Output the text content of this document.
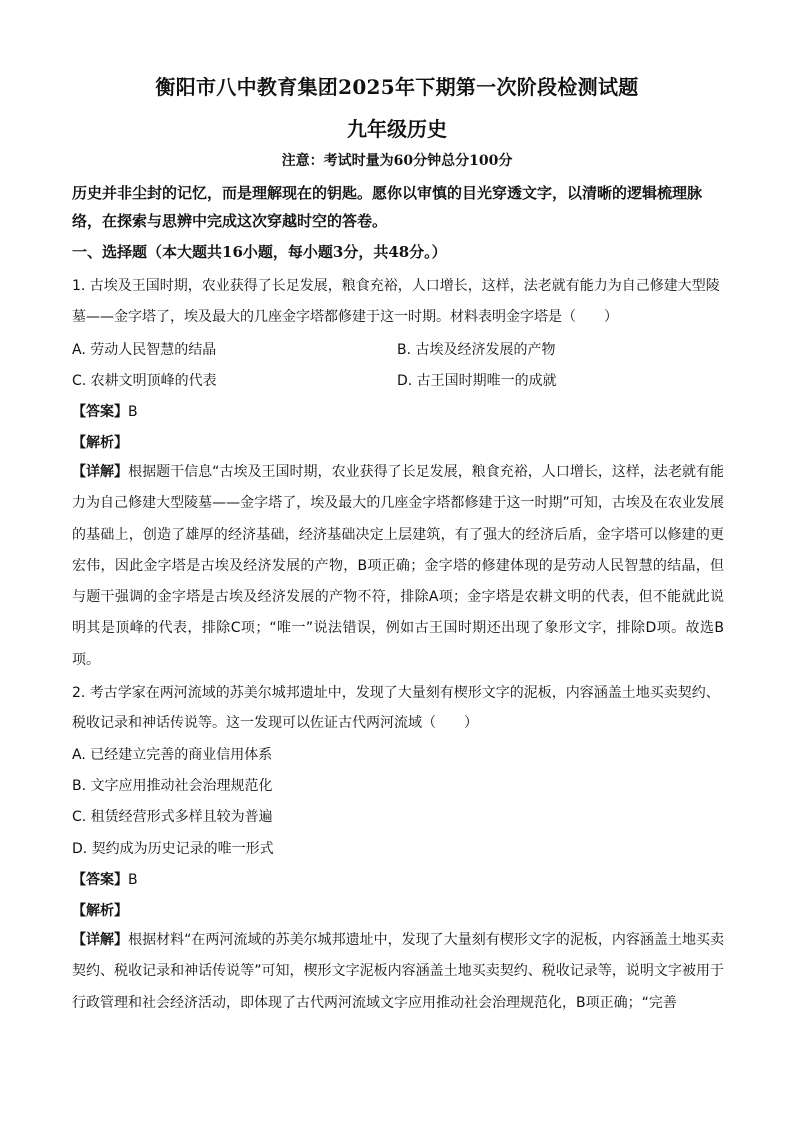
衡阳市八中教育集团2025年下期第一次阶段检测试题
九年级历史
注意：考试时量为60分钟总分100分
历史并非尘封的记忆，而是理解现在的钥匙。愿你以审慎的目光穿透文字，以清晰的逻辑梳理脉络，在探索与思辨中完成这次穿越时空的答卷。
一、选择题（本大题共16小题，每小题3分，共48分。）
1. 古埃及王国时期，农业获得了长足发展，粮食充裕，人口增长，这样，法老就有能力为自己修建大型陵
墓——金字塔了，埃及最大的几座金字塔都修建于这一时期。材料表明金字塔是（　　）
A. 劳动人民智慧的结晶	B. 古埃及经济发展的产物
C. 农耕文明顶峰的代表	D. 古王国时期唯一的成就
【答案】B
【解析】
【详解】根据题干信息“古埃及王国时期，农业获得了长足发展，粮食充裕，人口增长，这样，法老就有能力为自己修建大型陵墓——金字塔了，埃及最大的几座金字塔都修建于这一时期”可知，古埃及在农业发展的基础上，创造了雄厚的经济基础，经济基础决定上层建筑，有了强大的经济后盾，金字塔可以修建的更宏伟，因此金字塔是古埃及经济发展的产物，B项正确；金字塔的修建体现的是劳动人民智慧的结晶，但与题干强调的金字塔是古埃及经济发展的产物不符，排除A项；金字塔是农耕文明的代表，但不能就此说明其是顶峰的代表，排除C项；“唯一”说法错误，例如古王国时期还出现了象形文字，排除D项。故选B项。
2. 考古学家在两河流域的苏美尔城邦遗址中，发现了大量刻有楔形文字的泥板，内容涵盖土地买卖契约、
税收记录和神话传说等。这一发现可以佐证古代两河流域（　　）
A. 已经建立完善的商业信用体系
B. 文字应用推动社会治理规范化
C. 租赁经营形式多样且较为普遍
D. 契约成为历史记录的唯一形式
【答案】B
【解析】
【详解】根据材料“在两河流域的苏美尔城邦遗址中，发现了大量刻有楔形文字的泥板，内容涵盖土地买卖契约、税收记录和神话传说等”可知，楔形文字泥板内容涵盖土地买卖契约、税收记录等，说明文字被用于行政管理和社会经济活动，即体现了古代两河流域文字应用推动社会治理规范化，B项正确；“完善
